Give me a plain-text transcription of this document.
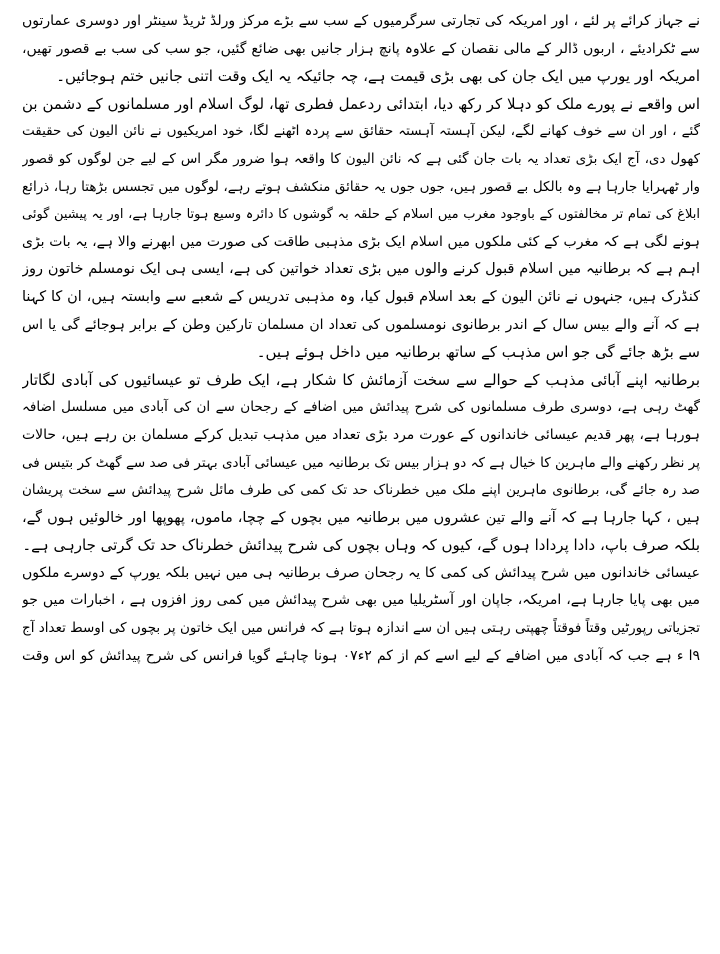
نے جہاز کرائے پر لئے ، اور امریکہ کی تجارتی سرگرمیوں کے سب سے بڑے مرکز ورلڈ ٹریڈ سینٹر اور دوسری عمارتوں
سے ٹکرادیئے ، اربوں ڈالر کے مالی نقصان کے علاوہ پانچ ہزار جانیں بھی ضائع گئیں، جو سب کی سب بے قصور تھیں،
امریکہ اور یورپ میں ایک جان کی بھی بڑی قیمت ہے، چہ جائیکہ یہ ایک وقت اتنی جانیں ختم ہوجائیں۔
اس واقعے نے پورے ملک کو دہلا کر رکھ دیا، ابتدائی ردعمل فطری تھا، لوگ اسلام اور مسلمانوں کے دشمن بن
گئے ، اور ان سے خوف کھانے لگے، لیکن آہستہ آہستہ حقائق سے پردہ اٹھنے لگا، خود امریکیوں نے نائن الیون کی حقیقت
کھول دی، آج ایک بڑی تعداد یہ بات جان گئی ہے کہ نائن الیون کا واقعہ ہوا ضرور مگر اس کے لیے جن لوگوں کو قصور
وار ٹھہرایا جارہا ہے وہ بالکل بے قصور ہیں، جوں جوں یہ حقائق منکشف ہوتے رہے، لوگوں میں تجسس بڑھتا رہا، ذرائع
ابلاغ کی تمام تر مخالفتوں کے باوجود مغرب میں اسلام کے حلقہ بہ گوشوں کا دائرہ وسیع ہوتا جارہا ہے، اور یہ پیشین گوئی
ہونے لگی ہے کہ مغرب کے کئی ملکوں میں اسلام ایک بڑی مذہبی طاقت کی صورت میں ابھرنے والا ہے، یہ بات بڑی
اہم ہے کہ برطانیہ میں اسلام قبول کرنے والوں میں بڑی تعداد خواتین کی ہے، ایسی ہی ایک نومسلم خاتون روز
کنڈرک ہیں، جنہوں نے نائن الیون کے بعد اسلام قبول کیا، وہ مذہبی تدریس کے شعبے سے وابستہ ہیں، ان کا کہنا
ہے کہ آنے والے بیس سال کے اندر برطانوی نومسلموں کی تعداد ان مسلمان تارکین وطن کے برابر ہوجائے گی یا اس
سے بڑھ جائے گی جو اس مذہب کے ساتھ برطانیہ میں داخل ہوئے ہیں۔
برطانیہ اپنے آبائی مذہب کے حوالے سے سخت آزمائش کا شکار ہے، ایک طرف تو عیسائیوں کی آبادی لگاتار
گھٹ رہی ہے، دوسری طرف مسلمانوں کی شرح پیدائش میں اضافے کے رجحان سے ان کی آبادی میں مسلسل اضافہ
ہورہا ہے، پھر قدیم عیسائی خاندانوں کے عورت مرد بڑی تعداد میں مذہب تبدیل کرکے مسلمان بن رہے ہیں، حالات
پر نظر رکھنے والے ماہرین کا خیال ہے کہ دو ہزار بیس تک برطانیہ میں عیسائی آبادی بہتر فی صد سے گھٹ کر بتیس فی
صد رہ جائے گی، برطانوی ماہرین اپنے ملک میں خطرناک حد تک کمی کی طرف مائل شرح پیدائش سے سخت پریشان
ہیں ، کہا جارہا ہے کہ آنے والے تین عشروں میں برطانیہ میں بچوں کے چچا، ماموں، پھوپھا اور خالوئیں ہوں گے،
بلکہ صرف باپ، دادا پردادا ہوں گے، کیوں کہ وہاں بچوں کی شرح پیدائش خطرناک حد تک گرتی جارہی ہے۔
عیسائی خاندانوں میں شرح پیدائش کی کمی کا یہ رجحان صرف برطانیہ ہی میں نہیں بلکہ یورپ کے دوسرے ملکوں
میں بھی پایا جارہا ہے، امریکہ، جاپان اور آسٹریلیا میں بھی شرح پیدائش میں کمی روز افزوں ہے ، اخبارات میں جو
تجزیاتی رپورٹیں وقتاً فوقتاً چھپتی رہتی ہیں ان سے اندازہ ہوتا ہے کہ فرانس میں ایک خاتون پر بچوں کی اوسط تعداد آج
۹ا ء ہے جب کہ آبادی میں اضافے کے لیے اسے کم از کم ۲ء۰۷ ہونا چاہئے گویا فرانس کی شرح پیدائش کو اس وقت
